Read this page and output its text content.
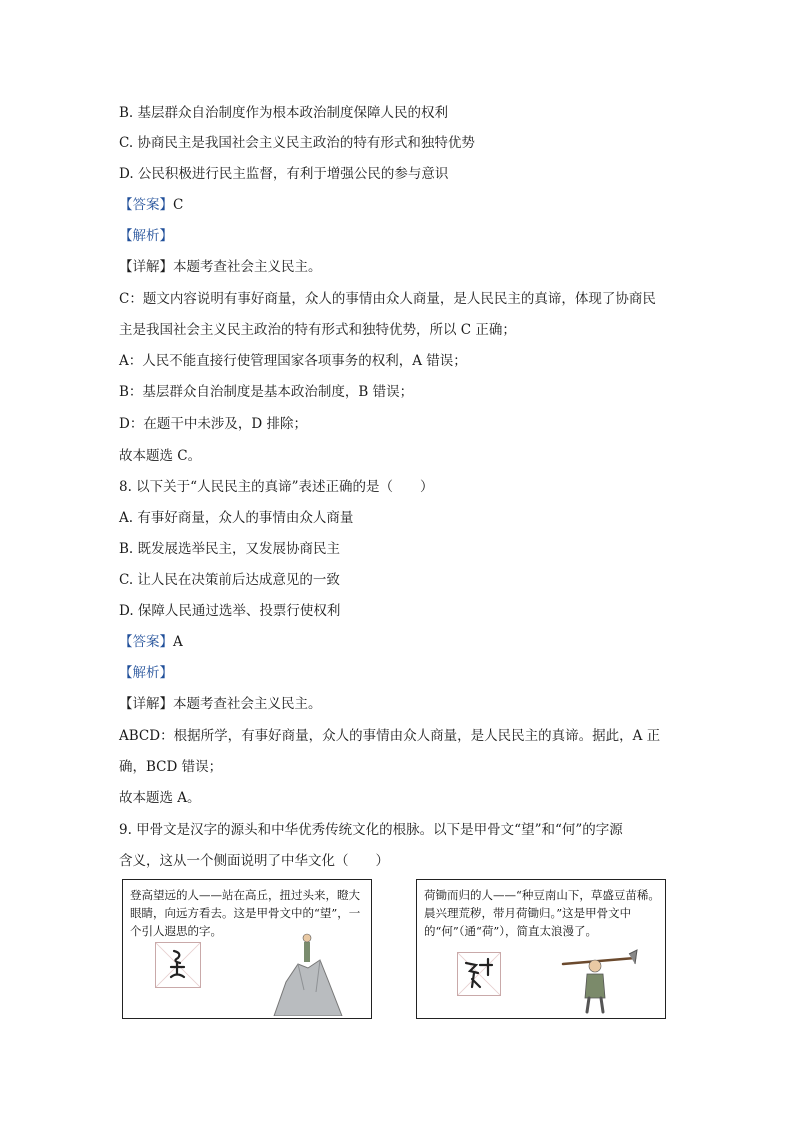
B. 基层群众自治制度作为根本政治制度保障人民的权利
C. 协商民主是我国社会主义民主政治的特有形式和独特优势
D. 公民积极进行民主监督，有利于增强公民的参与意识
【答案】C
【解析】
【详解】本题考查社会主义民主。
C：题文内容说明有事好商量，众人的事情由众人商量，是人民民主的真谛，体现了协商民
主是我国社会主义民主政治的特有形式和独特优势，所以 C 正确；
A：人民不能直接行使管理国家各项事务的权利，A 错误；
B：基层群众自治制度是基本政治制度，B 错误；
D：在题干中未涉及，D 排除；
故本题选 C。
8. 以下关于“人民民主的真谛”表述正确的是（　　）
A. 有事好商量，众人的事情由众人商量
B. 既发展选举民主，又发展协商民主
C. 让人民在决策前后达成意见的一致
D. 保障人民通过选举、投票行使权利
【答案】A
【解析】
【详解】本题考查社会主义民主。
ABCD：根据所学，有事好商量，众人的事情由众人商量，是人民民主的真谛。据此，A 正
确，BCD 错误；
故本题选 A。
9. 甲骨文是汉字的源头和中华优秀传统文化的根脉。以下是甲骨文“望”和“何”的字源
含义，这从一个侧面说明了中华文化（　　）
登高望远的人——站在高丘，扭过头来，瞪大眼睛，向远方看去。这是甲骨文中的“望”，一个引人遐思的字。
荷锄而归的人——“种豆南山下，草盛豆苗稀。晨兴理荒秽，带月荷锄归。”这是甲骨文中的“何”（通“荷”），简直太浪漫了。
